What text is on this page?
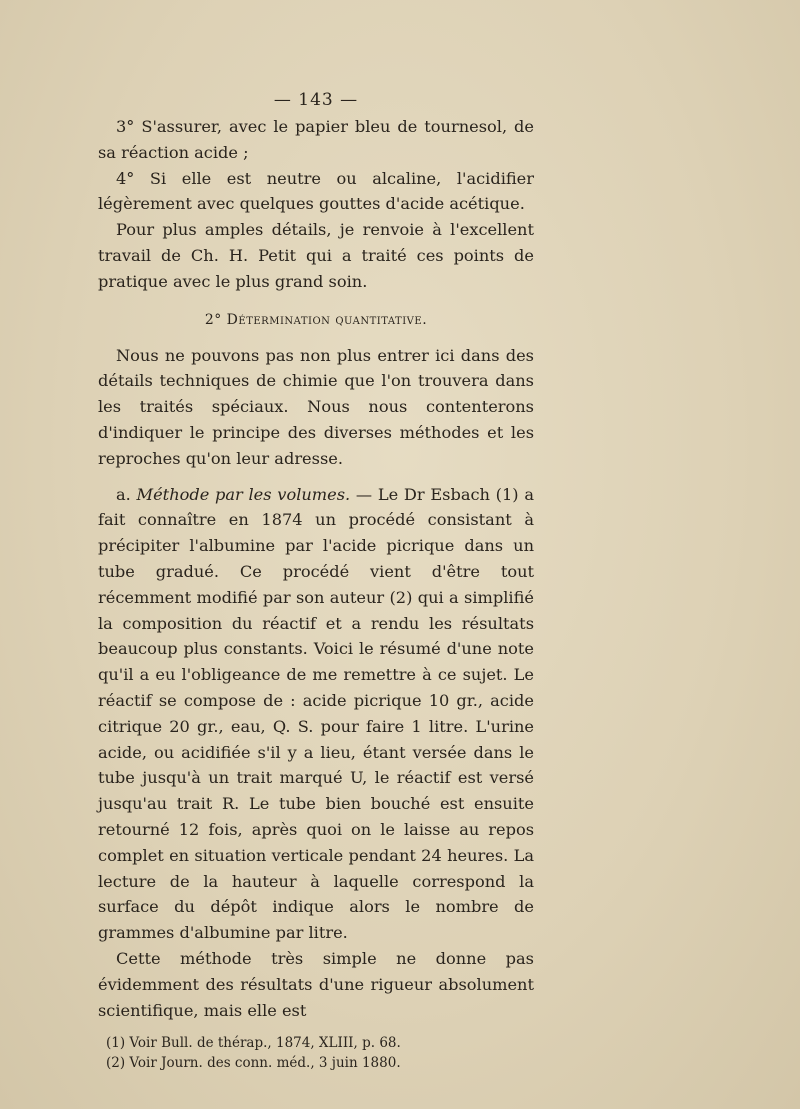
— 143 —

3° S'assurer, avec le papier bleu de tournesol, de sa réaction acide ;

4° Si elle est neutre ou alcaline, l'acidifier légèrement avec quelques gouttes d'acide acétique.

Pour plus amples détails, je renvoie à l'excellent travail de Ch. H. Petit qui a traité ces points de pratique avec le plus grand soin.

2° Détermination quantitative.

Nous ne pouvons pas non plus entrer ici dans des détails techniques de chimie que l'on trouvera dans les traités spéciaux. Nous nous contenterons d'indiquer le principe des diverses méthodes et les reproches qu'on leur adresse.

a. Méthode par les volumes. — Le Dr Esbach (1) a fait connaître en 1874 un procédé consistant à précipiter l'albumine par l'acide picrique dans un tube gradué. Ce procédé vient d'être tout récemment modifié par son auteur (2) qui a simplifié la composition du réactif et a rendu les résultats beaucoup plus constants. Voici le résumé d'une note qu'il a eu l'obligeance de me remettre à ce sujet. Le réactif se compose de : acide picrique 10 gr., acide citrique 20 gr., eau, Q. S. pour faire 1 litre. L'urine acide, ou acidifiée s'il y a lieu, étant versée dans le tube jusqu'à un trait marqué U, le réactif est versé jusqu'au trait R. Le tube bien bouché est ensuite retourné 12 fois, après quoi on le laisse au repos complet en situation verticale pendant 24 heures. La lecture de la hauteur à laquelle correspond la surface du dépôt indique alors le nombre de grammes d'albumine par litre.

Cette méthode très simple ne donne pas évidemment des résultats d'une rigueur absolument scientifique, mais elle est

(1) Voir Bull. de thérap., 1874, XLIII, p. 68.

(2) Voir Journ. des conn. méd., 3 juin 1880.
